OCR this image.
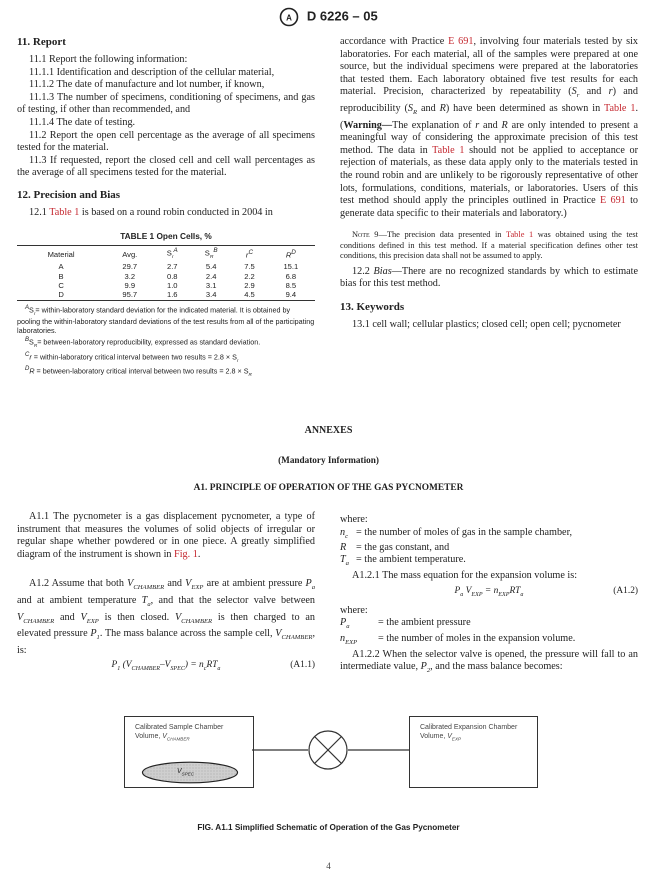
A D 6226 – 05
11. Report

11.1 Report the following information:

11.1.1 Identification and description of the cellular material,

11.1.2 The date of manufacture and lot number, if known,

11.1.3 The number of specimens, conditioning of specimens, and gas of testing, if other than recommended, and

11.1.4 The date of testing.

11.2 Report the open cell percentage as the average of all specimens tested for the material.

11.3 If requested, report the closed cell and cell wall percentages as the average of all specimens tested for the material.

12. Precision and Bias

12.1 Table 1 is based on a round robin conducted in 2004 in

TABLE 1 Open Cells, %
Material	Avg.	$S_r^A$	$S_R^B$	$r^C$	$R^D$
A	29.7	2.7	5.4	7.5	15.1
B	3.2	0.8	2.4	2.2	6.8
C	9.9	1.0	3.1	2.9	8.5
D	95.7	1.6	3.4	4.5	9.4
$^AS_r=$ within-laboratory standard deviation for the indicated material. It is obtained by pooling the within-laboratory standard deviations of the test results from all of the participating laboratories.
$^BS_R=$ between-laboratory reproducibility, expressed as standard deviation.
$^C$r = within-laboratory critical interval between two results = $2.8 \times S_r$
$^D$R = between-laboratory critical interval between two results = $2.8 \times S_R$

accordance with Practice E 691, involving four materials tested by six laboratories. For each material, all of the samples were prepared at one source, but the individual specimens were prepared at the laboratories that tested them. Each laboratory obtained five test results for each material. Precision, characterized by repeatability ($S_r$ and r) and reproducibility ($S_R$ and R) have been determined as shown in Table 1. (Warning—The explanation of r and R are only intended to present a meaningful way of considering the approximate precision of this test method. The data in Table 1 should not be applied to acceptance or rejection of materials, as these data apply only to the materials tested in the round robin and are unlikely to be rigorously representative of other lots, formulations, conditions, materials, or laboratories. Users of this test method should apply the principles outlined in Practice E 691 to generate data specific to their materials and laboratory.)

Note 9—The precision data presented in Table 1 was obtained using the test conditions defined in this test method. If a material specification defines other test conditions, this precision data shall not be assumed to apply.

12.2 Bias—There are no recognized standards by which to estimate bias for this test method.

13. Keywords

13.1 cell wall; cellular plastics; closed cell; open cell; pycnometer

ANNEXES
(Mandatory Information)
A1. PRINCIPLE OF OPERATION OF THE GAS PYCNOMETER

A1.1 The pycnometer is a gas displacement pycnometer, a type of instrument that measures the volumes of solid objects of irregular or regular shape whether powdered or in one piece. A greatly simplified diagram of the instrument is shown in Fig. 1.

A1.2 Assume that both $V_{CHAMBER}$ and $V_{EXP}$ are at ambient pressure $P_a$ and at ambient temperature $T_a$, and that the selector valve between $V_{CHAMBER}$ and $V_{EXP}$ is then closed. $V_{CHAMBER}$ is then charged to an elevated pressure $P_1$. The mass balance across the sample cell, $V_{CHAMBER}$, is:

$P_1$ $(V_{CHAMBER}-V_{SPEC}) = n_cRT_a$	(A1.1)

where:

$n_c$	= the number of moles of gas in the sample chamber,
R	= the gas constant, and
$T_a$	= the ambient temperature.

A1.2.1 The mass equation for the expansion volume is:

$P_a$ $V_{EXP} = n_{EXP}RT_a$	(A1.2)

where:

$P_a$	= the ambient pressure
$n_{EXP}$	= the number of moles in the expansion volume.

A1.2.2 When the selector valve is opened, the pressure will fall to an intermediate value, $P_2$, and the mass balance becomes:

Calibrated Sample Chamber
Volume, $V_{CHAMBER}$
$V_{SPEC}$
Calibrated Expansion Chamber
Volume, $V_{EXP}$
FIG. A1.1 Simplified Schematic of Operation of the Gas Pycnometer
4
